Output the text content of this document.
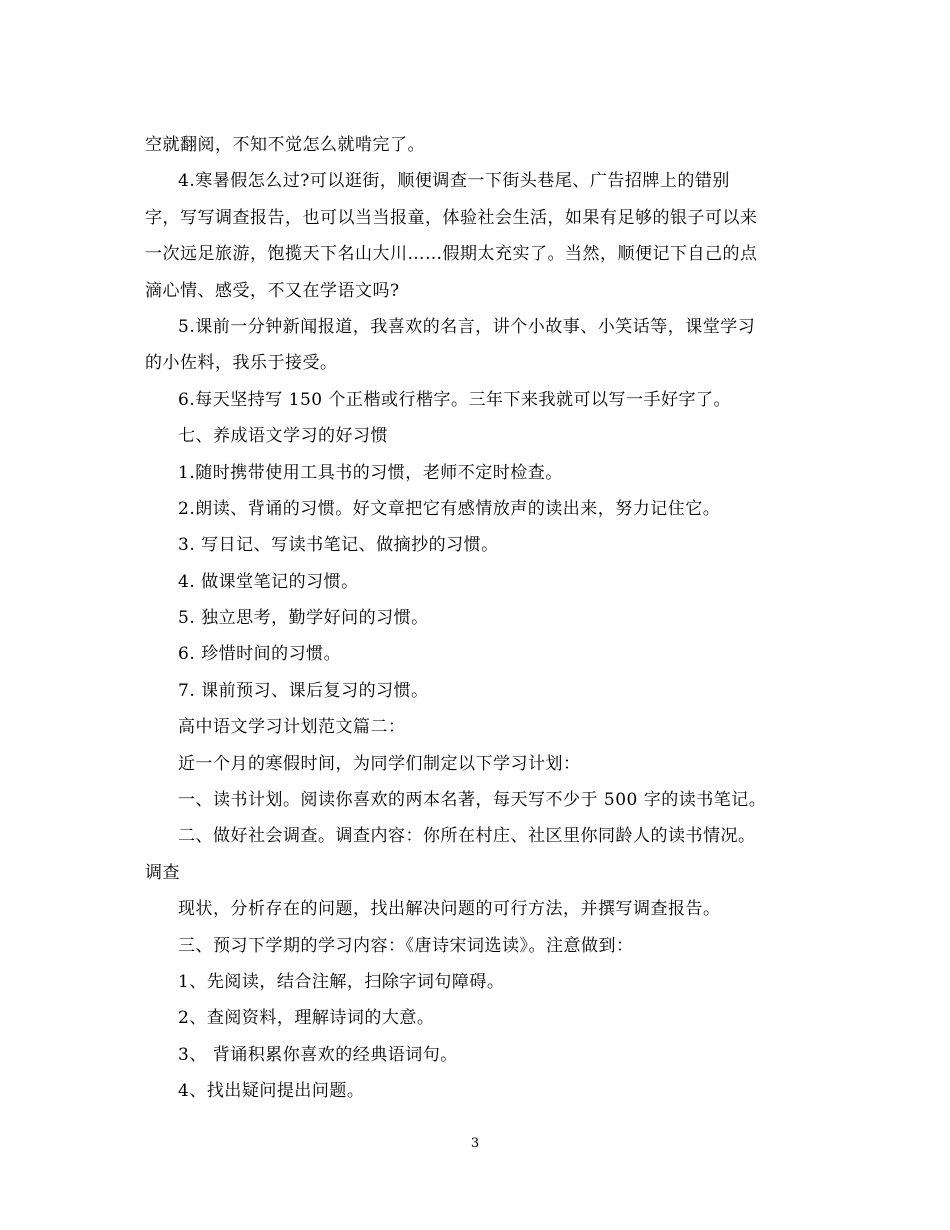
空就翻阅，不知不觉怎么就啃完了。
4.寒暑假怎么过?可以逛街，顺便调查一下街头巷尾、广告招牌上的错别
字，写写调查报告，也可以当当报童，体验社会生活，如果有足够的银子可以来
一次远足旅游，饱揽天下名山大川……假期太充实了。当然，顺便记下自己的点
滴心情、感受，不又在学语文吗?
5.课前一分钟新闻报道，我喜欢的名言，讲个小故事、小笑话等，课堂学习
的小佐料，我乐于接受。
6.每天坚持写 150 个正楷或行楷字。三年下来我就可以写一手好字了。
七、养成语文学习的好习惯
1.随时携带使用工具书的习惯，老师不定时检查。
2.朗读、背诵的习惯。好文章把它有感情放声的读出来，努力记住它。
3. 写日记、写读书笔记、做摘抄的习惯。
4. 做课堂笔记的习惯。
5. 独立思考，勤学好问的习惯。
6. 珍惜时间的习惯。
7. 课前预习、课后复习的习惯。
高中语文学习计划范文篇二：
近一个月的寒假时间，为同学们制定以下学习计划：
一、读书计划。阅读你喜欢的两本名著，每天写不少于 500 字的读书笔记。
二、做好社会调查。调查内容：你所在村庄、社区里你同龄人的读书情况。
调查
现状，分析存在的问题，找出解决问题的可行方法，并撰写调查报告。
三、预习下学期的学习内容：《唐诗宋词选读》。注意做到：
1、先阅读，结合注解，扫除字词句障碍。
2、查阅资料，理解诗词的大意。
3、 背诵积累你喜欢的经典语词句。
4、找出疑问提出问题。
3
